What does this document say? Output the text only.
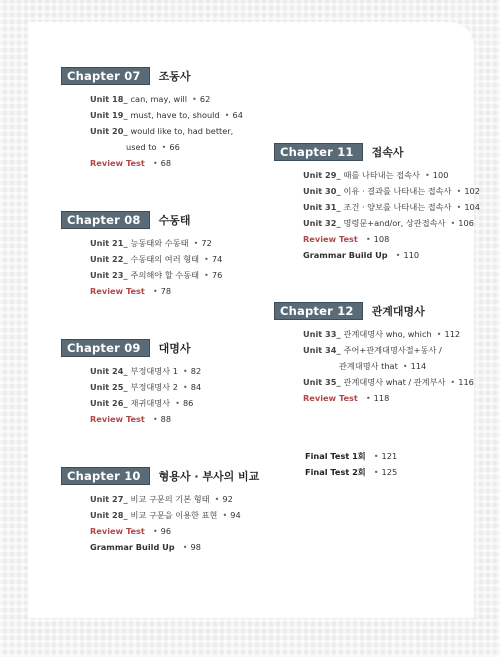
Chapter 07	조동사
Unit 18_ can, may, will • 62
Unit 19_ must, have to, should • 64
Unit 20_ would like to, had better,
used to • 66
Review Test • 68
Chapter 08	수동태
Unit 21_ 능동태와 수동태 • 72
Unit 22_ 수동태의 여러 형태 • 74
Unit 23_ 주의해야 할 수동태 • 76
Review Test • 78
Chapter 09	대명사
Unit 24_ 부정대명사 1 • 82
Unit 25_ 부정대명사 2 • 84
Unit 26_ 재귀대명사 • 86
Review Test • 88
Chapter 10	형용사 · 부사의 비교
Unit 27_ 비교 구문의 기본 형태 • 92
Unit 28_ 비교 구문을 이용한 표현 • 94
Review Test • 96
Grammar Build Up • 98
Chapter 11	접속사
Unit 29_ 때를 나타내는 접속사 • 100
Unit 30_ 이유 · 결과를 나타내는 접속사 • 102
Unit 31_ 조건 · 양보를 나타내는 접속사 • 104
Unit 32_ 명령문+and/or, 상관접속사 • 106
Review Test • 108
Grammar Build Up • 110
Chapter 12	관계대명사
Unit 33_ 관계대명사 who, which • 112
Unit 34_ 주어+관계대명사절+동사 /
관계대명사 that • 114
Unit 35_ 관계대명사 what / 관계부사 • 116
Review Test • 118
Final Test 1회 • 121
Final Test 2회 • 125
